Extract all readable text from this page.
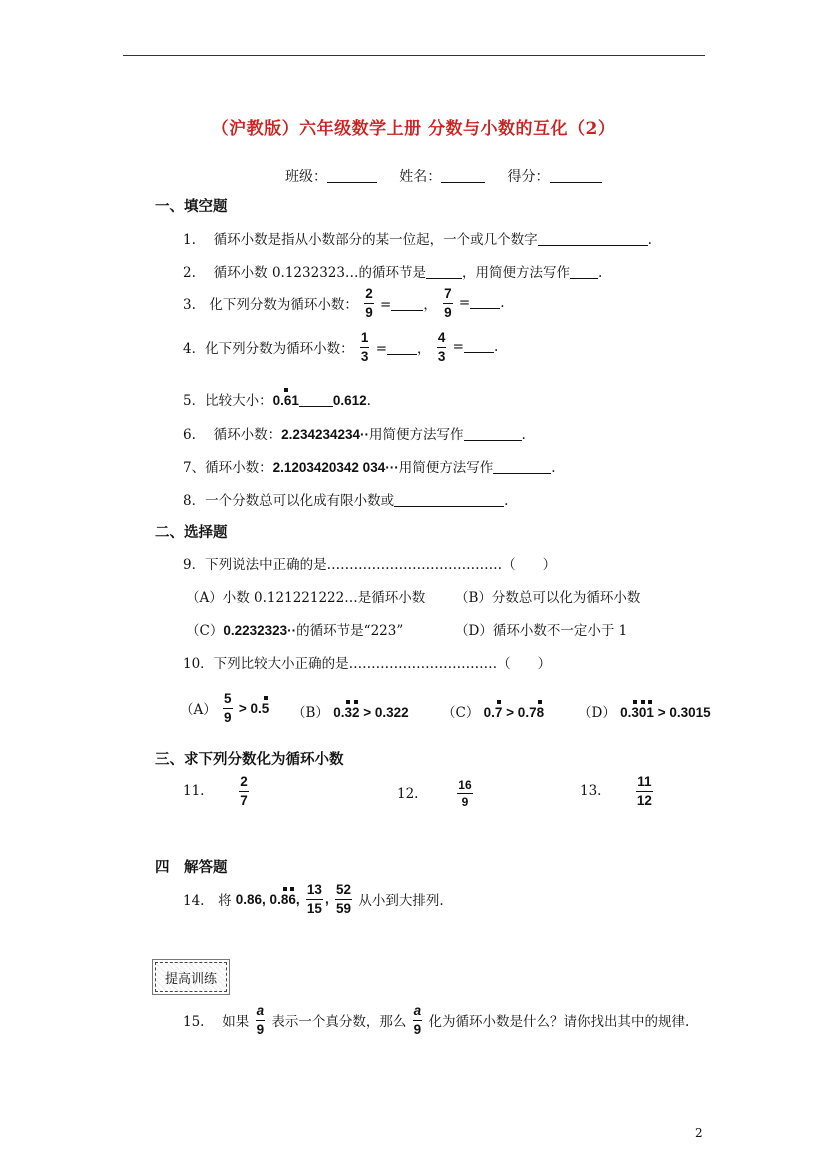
（沪教版）六年级数学上册 分数与小数的互化（2）
班级：	姓名：	得分：
一、填空题
1.　 循环小数是指从小数部分的某一位起，一个或几个数字	.
2.　 循环小数 0.1232323…的循环节是	，用简便方法写作 .
3.　化下列分数为循环小数： $\frac{2}{9}$ = ， $\frac{7}{9}$ = .
4．化下列分数为循环小数： $\frac{1}{3}$ = ， $\frac{4}{3}$ = .
5．比较大小：0.61	0.612.
6.　 循环小数：2.234234234··用简便方法写作	.
7、循环小数：2.1203420342 034···用简便方法写作	.
8．一个分数总可以化成有限小数或	.
二、选择题
9．下列说法中正确的是…………………………………（　　）
（A）小数 0.121221222…是循环小数 （B）分数总可以化为循环小数
（C）0.2232323··的循环节是“223”	（D）循环小数不一定小于 1
10．下列比较大小正确的是……………………………（　　）
$(A) \frac{5}{9} > 0.5$ （B） 0.32 > 0.322 （C） 0.7 > 0.78	（D） 0.301 > 0.3015
三、求下列分数化为循环小数
11.	$\frac{2}{7}$	12.	$\frac{16}{9}$	13.	$\frac{11}{12}$
四　解答题
14.　将 0.86, 0.86, $\frac{13}{15}$ , $\frac{52}{59}$ 从小到大排列.
提高训练
15.　 如果 $\frac{a}{9}$ 表示一个真分数，那么 $\frac{a}{9}$ 化为循环小数是什么？请你找出其中的规律.
2
